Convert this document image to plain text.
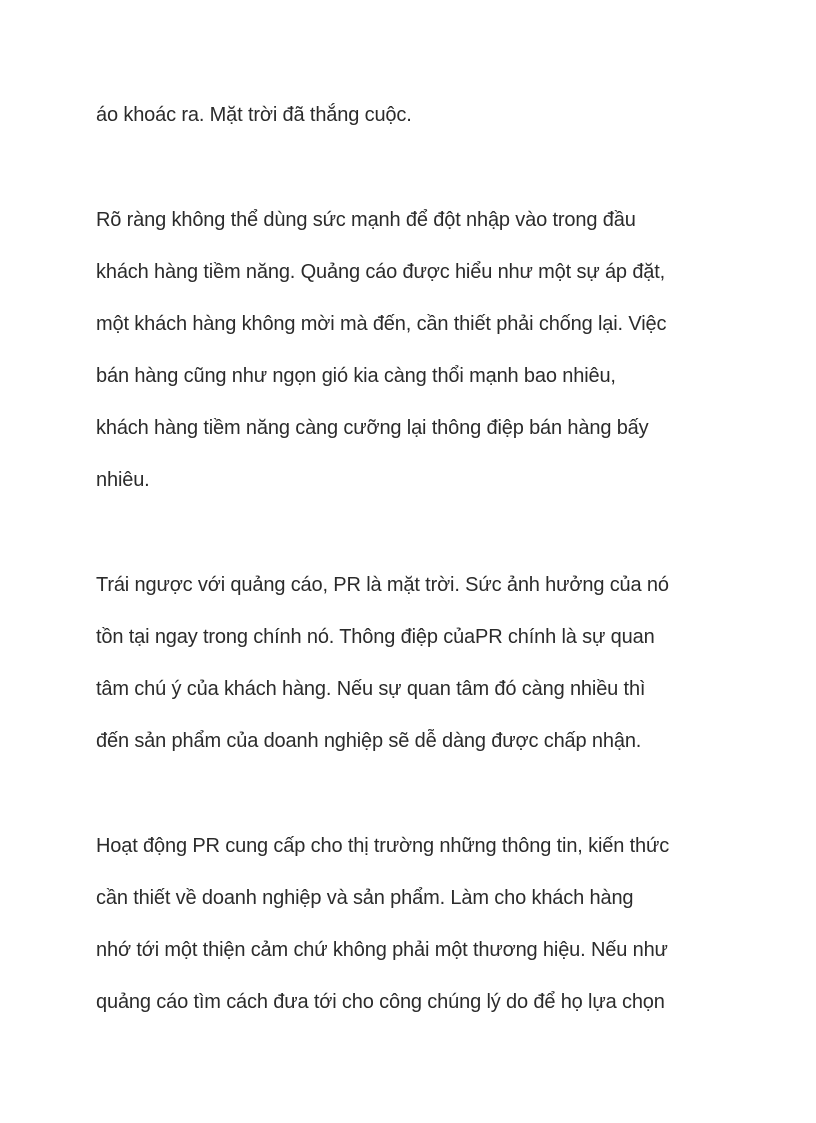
áo khoác ra. Mặt trời đã thắng cuộc.

Rõ ràng không thể dùng sức mạnh để đột nhập vào trong đầu

khách hàng tiềm năng. Quảng cáo được hiểu như một sự áp đặt,

một khách hàng không mời mà đến, cần thiết phải chống lại. Việc

bán hàng cũng như ngọn gió kia càng thổi mạnh bao nhiêu,

khách hàng tiềm năng càng cưỡng lại thông điệp bán hàng bấy

nhiêu.

Trái ngược với quảng cáo, PR là mặt trời. Sức ảnh hưởng của nó

tồn tại ngay trong chính nó. Thông điệp củaPR chính là sự quan

tâm chú ý của khách hàng. Nếu sự quan tâm đó càng nhiều thì

đến sản phẩm của doanh nghiệp sẽ dễ dàng được chấp nhận.

Hoạt động PR cung cấp cho thị trường những thông tin, kiến thức

cần thiết về doanh nghiệp và sản phẩm. Làm cho khách hàng

nhớ tới một thiện cảm chứ không phải một thương hiệu. Nếu như

quảng cáo tìm cách đưa tới cho công chúng lý do để họ lựa chọn
